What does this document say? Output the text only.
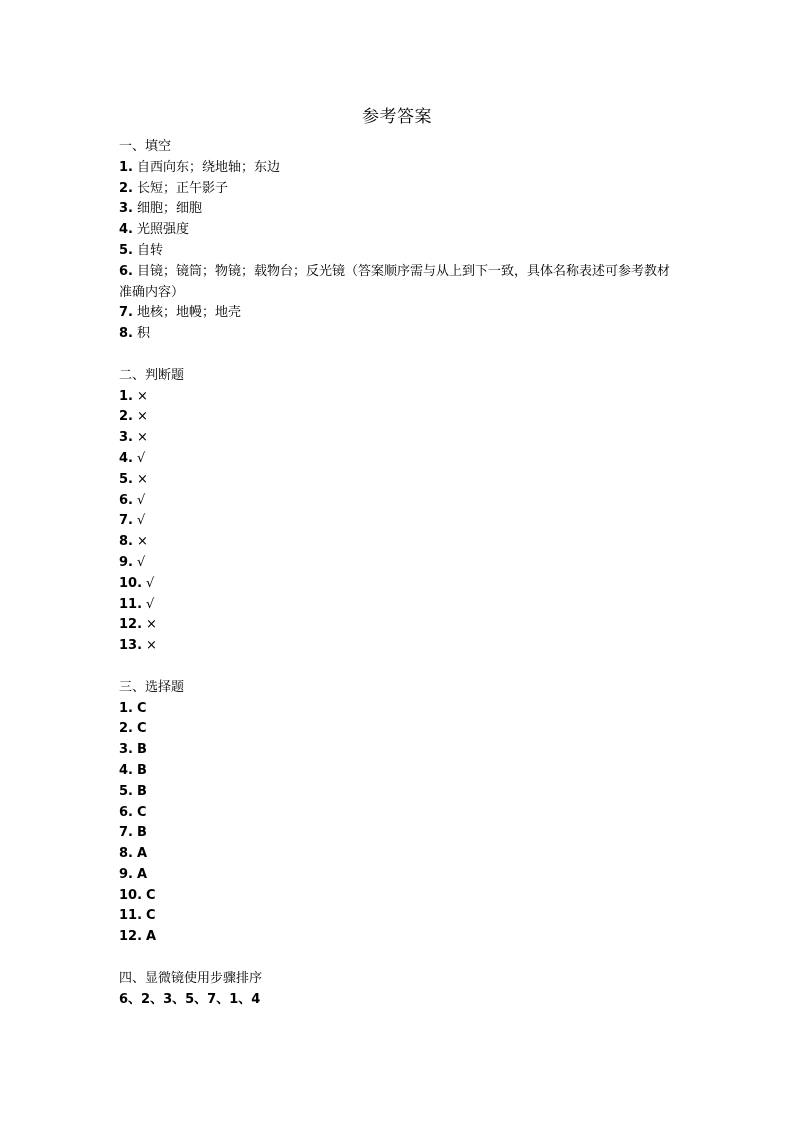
参考答案

一、填空

1. 自西向东；绕地轴；东边

2. 长短；正午影子

3. 细胞；细胞

4. 光照强度

5. 自转

6. 目镜；镜筒；物镜；载物台；反光镜（答案顺序需与从上到下一致，具体名称表述可参考教材准确内容）

7. 地核；地幔；地壳

8. 积

二、判断题

1. ×

2. ×

3. ×

4. √

5. ×

6. √

7. √

8. ×

9. √

10. √

11. √

12. ×

13. ×

三、选择题

1. C

2. C

3. B

4. B

5. B

6. C

7. B

8. A

9. A

10. C

11. C

12. A

四、显微镜使用步骤排序

6、2、3、5、7、1、4
